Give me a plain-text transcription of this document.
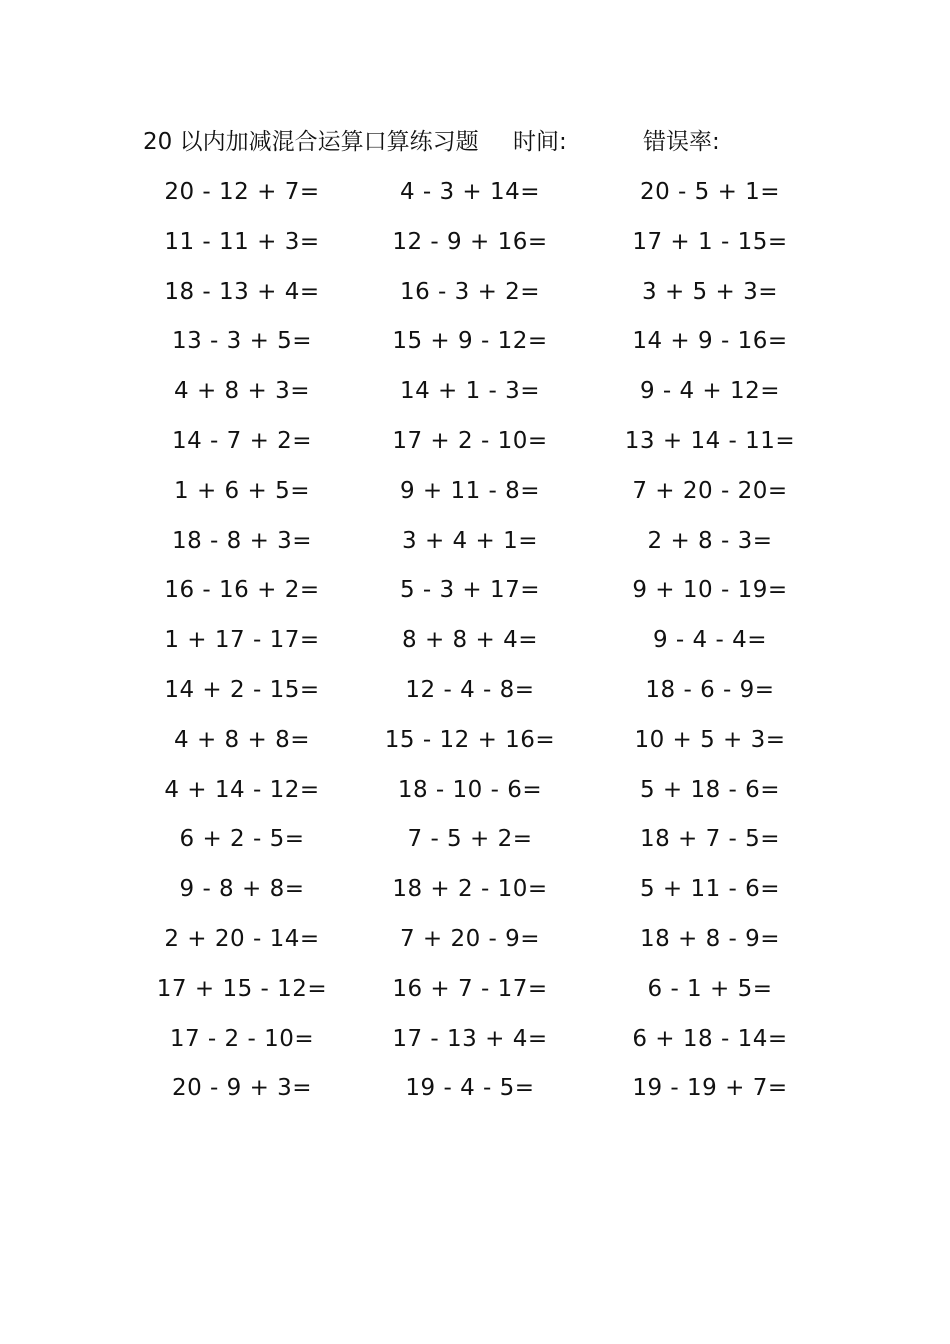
20 以内加减混合运算口算练习题 时间:	错误率:
20 - 12 + 7=	4 - 3 + 14=	20 - 5 + 1=
11 - 11 + 3=	12 - 9 + 16=	17 + 1 - 15=
18 - 13 + 4=	16 - 3 + 2=	3 + 5 + 3=
13 - 3 + 5=	15 + 9 - 12=	14 + 9 - 16=
4 + 8 + 3=	14 + 1 - 3=	9 - 4 + 12=
14 - 7 + 2=	17 + 2 - 10=	13 + 14 - 11=
1 + 6 + 5=	9 + 11 - 8=	7 + 20 - 20=
18 - 8 + 3=	3 + 4 + 1=	2 + 8 - 3=
16 - 16 + 2=	5 - 3 + 17=	9 + 10 - 19=
1 + 17 - 17=	8 + 8 + 4=	9 - 4 - 4=
14 + 2 - 15=	12 - 4 - 8=	18 - 6 - 9=
4 + 8 + 8=	15 - 12 + 16=	10 + 5 + 3=
4 + 14 - 12=	18 - 10 - 6=	5 + 18 - 6=
6 + 2 - 5=	7 - 5 + 2=	18 + 7 - 5=
9 - 8 + 8=	18 + 2 - 10=	5 + 11 - 6=
2 + 20 - 14=	7 + 20 - 9=	18 + 8 - 9=
17 + 15 - 12=	16 + 7 - 17=	6 - 1 + 5=
17 - 2 - 10=	17 - 13 + 4=	6 + 18 - 14=
20 - 9 + 3=	19 - 4 - 5=	19 - 19 + 7=
